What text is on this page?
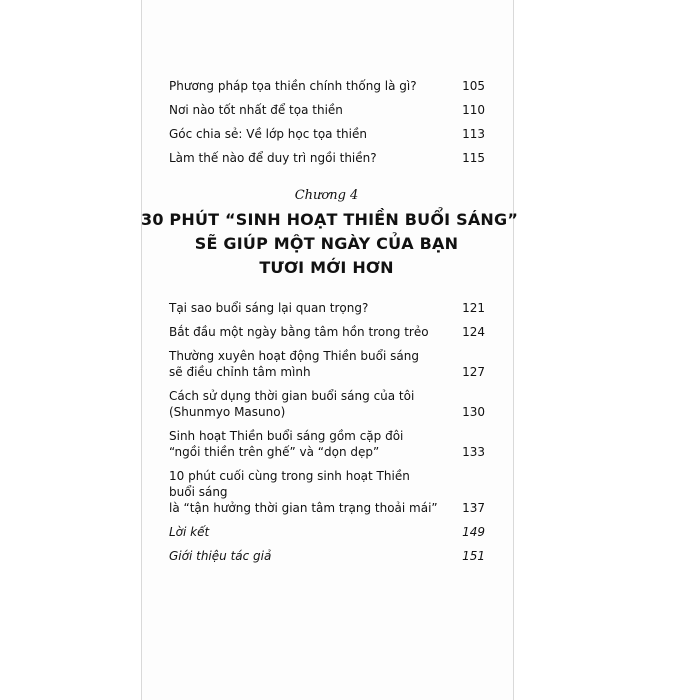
Phương pháp tọa thiền chính thống là gì?	105
Nơi nào tốt nhất để tọa thiền	110
Góc chia sẻ: Về lớp học tọa thiền	113
Làm thế nào để duy trì ngồi thiền?	115
Chương 4
30 PHÚT “SINH HOẠT THIỀN BUỔI SÁNG”
SẼ GIÚP MỘT NGÀY CỦA BẠN
TƯƠI MỚI HƠN
Tại sao buổi sáng lại quan trọng?	121
Bắt đầu một ngày bằng tâm hồn trong trẻo	124
Thường xuyên hoạt động Thiền buổi sáng
sẽ điều chỉnh tâm mình	127
Cách sử dụng thời gian buổi sáng của tôi
(Shunmyo Masuno)	130
Sinh hoạt Thiền buổi sáng gồm cặp đôi
“ngồi thiền trên ghế” và “dọn dẹp”	133
10 phút cuối cùng trong sinh hoạt Thiền buổi sáng
là “tận hưởng thời gian tâm trạng thoải mái” 137
Lời kết	149
Giới thiệu tác giả	151
